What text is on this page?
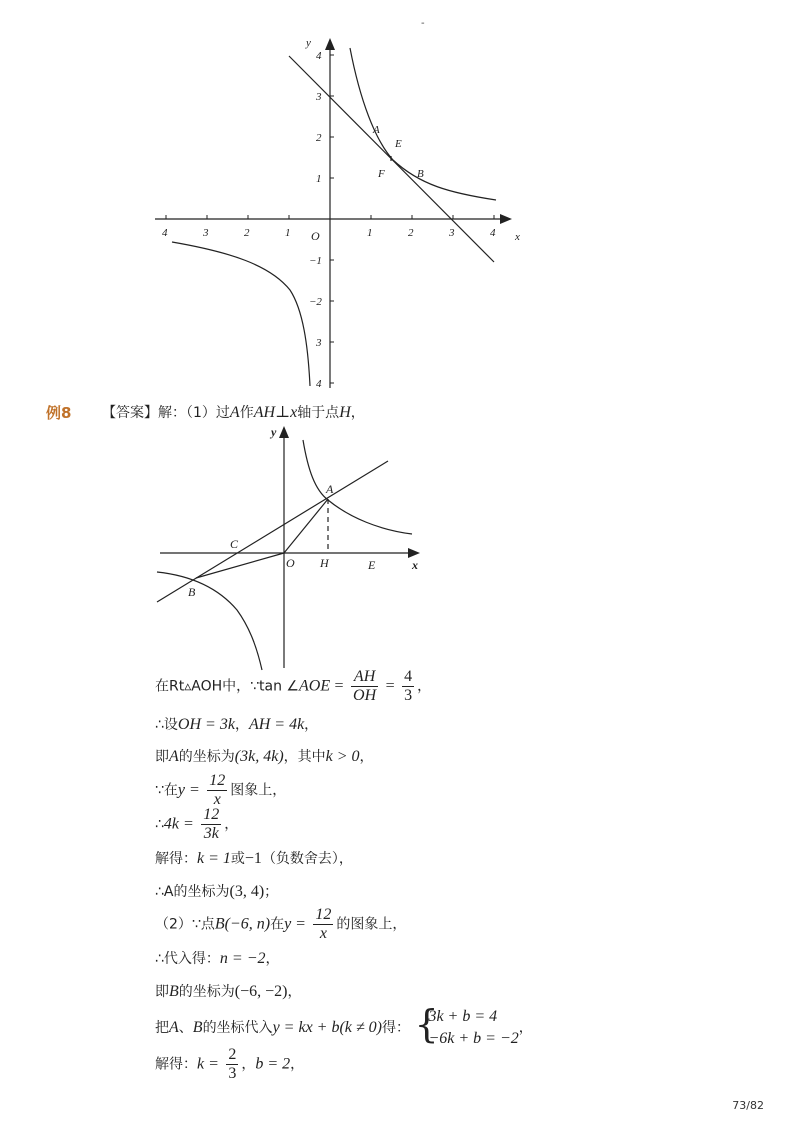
-
y
x
O	1	2	3	4
4	3	2	1
1
2
3
4
−1
−2
3
4
A
E
F	B
例8 【答案】解：（1）过A作AH⊥x轴于点H，
y
x
A
C
O H	E
B
在Rt▵AOH中，∵tan ∠AOE = $\frac{AH}{OH} = \frac{4}{3}$ ，
∴设OH = 3k，AH = 4k，
即A的坐标为(3k, 4k)，其中k > 0，
∵在$y = \frac{12}{x}$ 图象上，
∴4k = $\frac{12}{3k}$ ，
解得：k = 1或−1（负数舍去），
∴A的坐标为(3, 4)；
（2）∵点B(−6, n)在$y = \frac{12}{x}$ 的图象上，
∴代入得：n = −2，
即B的坐标为(−6, −2)，
把A、B的坐标代入y = kx + b(k ≠ 0)得： {
3k + b = 4
−6k + b = −2
，
解得：$k = \frac{2}{3}$ ，b = 2，
73/82
